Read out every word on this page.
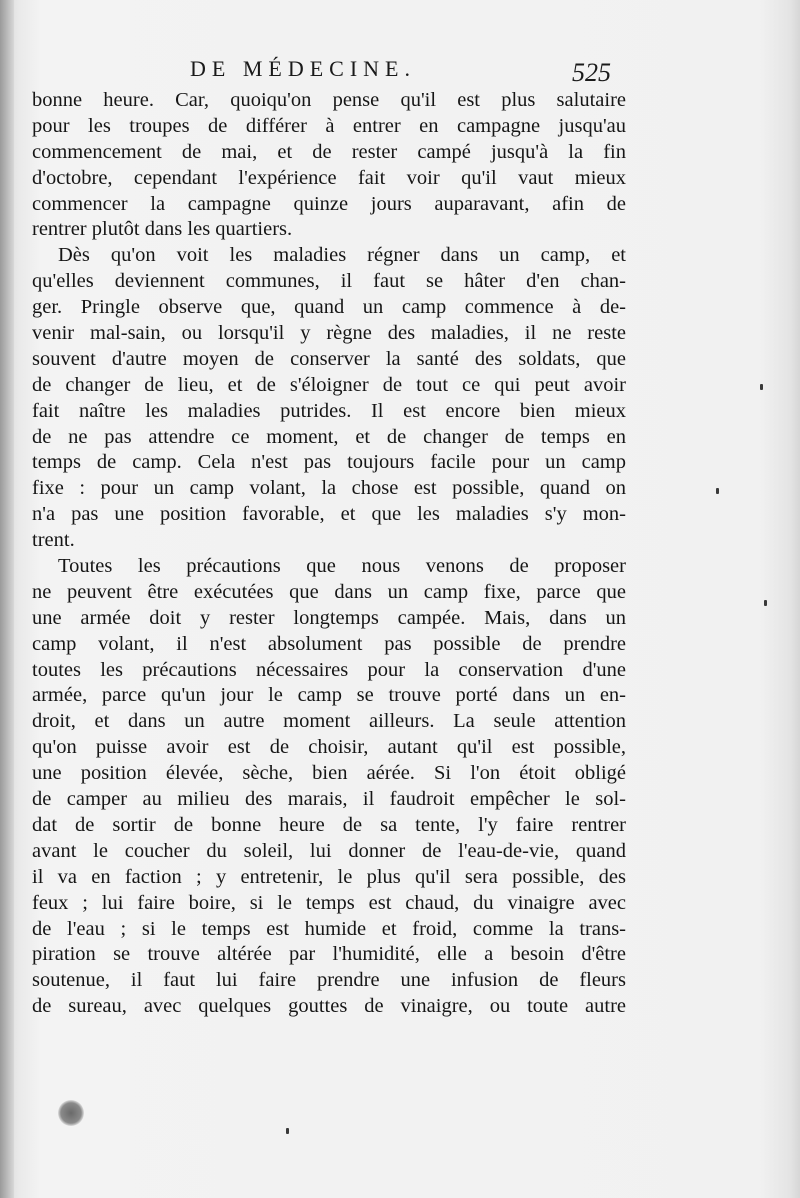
DE MÉDECINE.	525
bonne heure. Car, quoiqu'on pense qu'il est plus salutaire
pour les troupes de différer à entrer en campagne jusqu'au
commencement de mai, et de rester campé jusqu'à la fin
d'octobre, cependant l'expérience fait voir qu'il vaut mieux
commencer la campagne quinze jours auparavant, afin de
rentrer plutôt dans les quartiers.
Dès qu'on voit les maladies régner dans un camp, et
qu'elles deviennent communes, il faut se hâter d'en chan-
ger. Pringle observe que, quand un camp commence à de-
venir mal-sain, ou lorsqu'il y règne des maladies, il ne reste
souvent d'autre moyen de conserver la santé des soldats, que
de changer de lieu, et de s'éloigner de tout ce qui peut avoir
fait naître les maladies putrides. Il est encore bien mieux
de ne pas attendre ce moment, et de changer de temps en
temps de camp. Cela n'est pas toujours facile pour un camp
fixe : pour un camp volant, la chose est possible, quand on
n'a pas une position favorable, et que les maladies s'y mon-
trent.
Toutes les précautions que nous venons de proposer
ne peuvent être exécutées que dans un camp fixe, parce que
une armée doit y rester longtemps campée. Mais, dans un
camp volant, il n'est absolument pas possible de prendre
toutes les précautions nécessaires pour la conservation d'une
armée, parce qu'un jour le camp se trouve porté dans un en-
droit, et dans un autre moment ailleurs. La seule attention
qu'on puisse avoir est de choisir, autant qu'il est possible,
une position élevée, sèche, bien aérée. Si l'on étoit obligé
de camper au milieu des marais, il faudroit empêcher le sol-
dat de sortir de bonne heure de sa tente, l'y faire rentrer
avant le coucher du soleil, lui donner de l'eau-de-vie, quand
il va en faction ; y entretenir, le plus qu'il sera possible, des
feux ; lui faire boire, si le temps est chaud, du vinaigre avec
de l'eau ; si le temps est humide et froid, comme la trans-
piration se trouve altérée par l'humidité, elle a besoin d'être
soutenue, il faut lui faire prendre une infusion de fleurs
de sureau, avec quelques gouttes de vinaigre, ou toute autre
